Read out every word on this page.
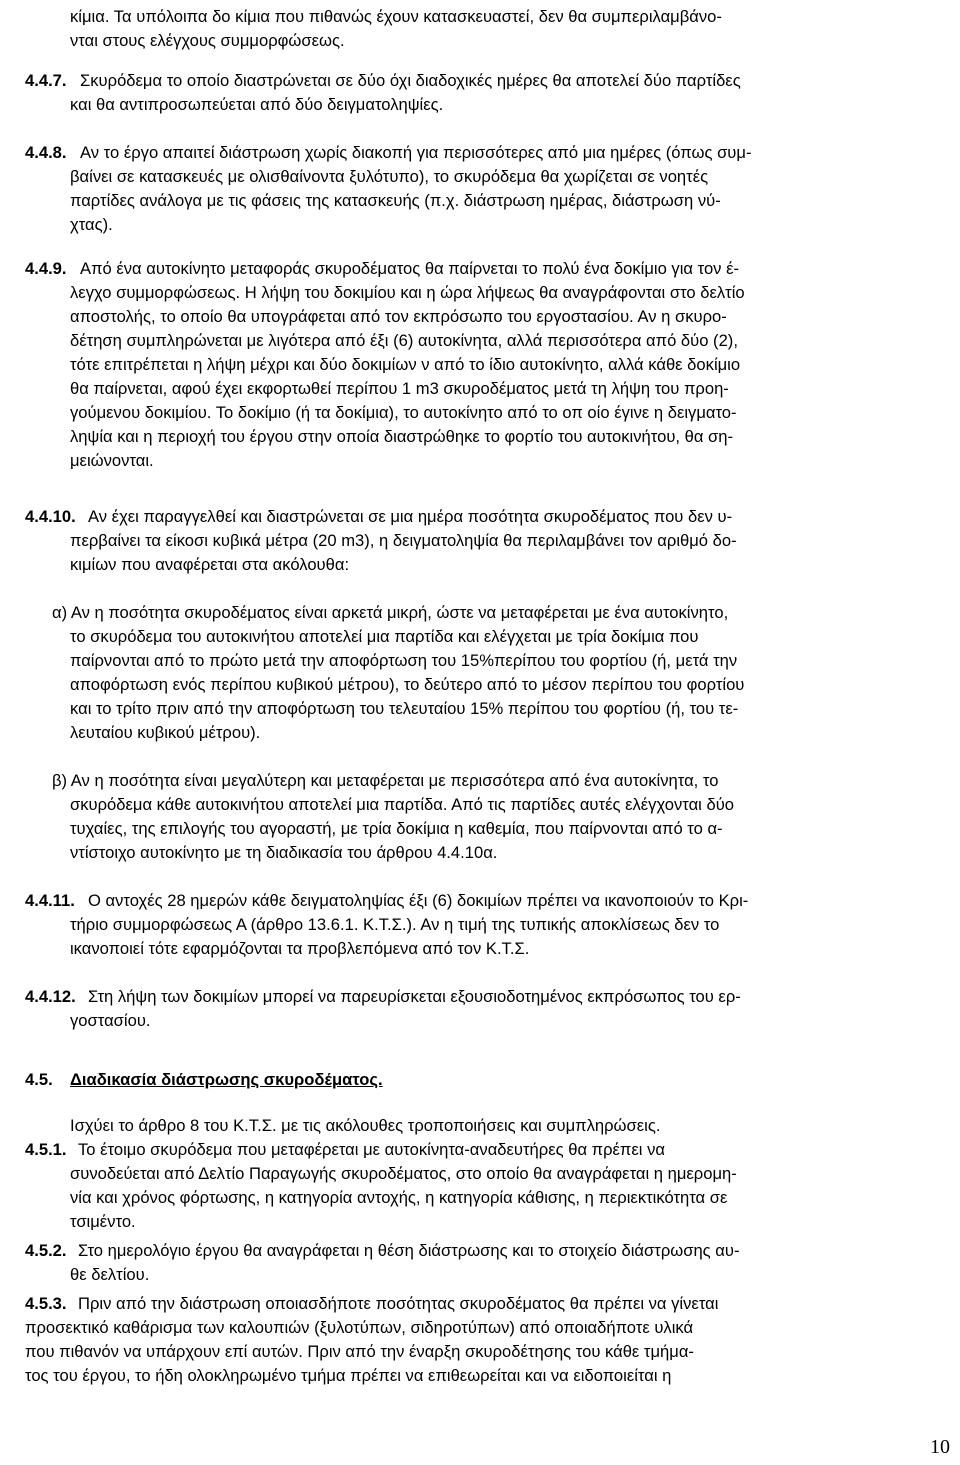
κίμια. Τα υπόλοιπα δο κίμια που πιθανώς έχουν κατασκευαστεί, δεν θα συμπεριλαμβάνο-
νται στους ελέγχους συμμορφώσεως.
4.4.7. Σκυρόδεμα το οποίο διαστρώνεται σε δύο όχι διαδοχικές ημέρες θα αποτελεί δύο παρτίδες
και θα αντιπροσωπεύεται από δύο δειγματοληψίες.
4.4.8. Αν το έργο απαιτεί διάστρωση χωρίς διακοπή για περισσότερες από μια ημέρες (όπως συμ-
βαίνει σε κατασκευές με ολισθαίνοντα ξυλότυπο), το σκυρόδεμα θα χωρίζεται σε νοητές
παρτίδες ανάλογα με τις φάσεις της κατασκευής (π.χ. διάστρωση ημέρας, διάστρωση νύ-
χτας).
4.4.9. Από ένα αυτοκίνητο μεταφοράς σκυροδέματος θα παίρνεται το πολύ ένα δοκίμιο για τον έ-
λεγχο συμμορφώσεως. Η λήψη του δοκιμίου και η ώρα λήψεως θα αναγράφονται στο δελτίο
αποστολής, το οποίο θα υπογράφεται από τον εκπρόσωπο του εργοστασίου. Αν η σκυρο-
δέτηση συμπληρώνεται με λιγότερα από έξι (6) αυτοκίνητα, αλλά περισσότερα από δύο (2),
τότε επιτρέπεται η λήψη μέχρι και δύο δοκιμίων ν από το ίδιο αυτοκίνητο, αλλά κάθε δοκίμιο
θα παίρνεται, αφού έχει εκφορτωθεί περίπου 1 m3 σκυροδέματος μετά τη λήψη του προη-
γούμενου δοκιμίου. Το δοκίμιο (ή τα δοκίμια), το αυτοκίνητο από το οπ οίο έγινε η δειγματο-
ληψία και η περιοχή του έργου στην οποία διαστρώθηκε το φορτίο του αυτοκινήτου, θα ση-
μειώνονται.
4.4.10. Αν έχει παραγγελθεί και διαστρώνεται σε μια ημέρα ποσότητα σκυροδέματος που δεν υ-
περβαίνει τα είκοσι κυβικά μέτρα (20 m3), η δειγματοληψία θα περιλαμβάνει τον αριθμό δο-
κιμίων που αναφέρεται στα ακόλουθα:
α) Αν η ποσότητα σκυροδέματος είναι αρκετά μικρή, ώστε να μεταφέρεται με ένα αυτοκίνητο,
το σκυρόδεμα του αυτοκινήτου αποτελεί μια παρτίδα και ελέγχεται με τρία δοκίμια που
παίρνονται από το πρώτο μετά την αποφόρτωση του 15%περίπου του φορτίου (ή, μετά την
αποφόρτωση ενός περίπου κυβικού μέτρου), το δεύτερο από το μέσον περίπου του φορτίου
και το τρίτο πριν από την αποφόρτωση του τελευταίου 15% περίπου του φορτίου (ή, του τε-
λευταίου κυβικού μέτρου).
β) Αν η ποσότητα είναι μεγαλύτερη και μεταφέρεται με περισσότερα από ένα αυτοκίνητα, το
σκυρόδεμα κάθε αυτοκινήτου αποτελεί μια παρτίδα. Από τις παρτίδες αυτές ελέγχονται δύο
τυχαίες, της επιλογής του αγοραστή, με τρία δοκίμια η καθεμία, που παίρνονται από το α-
ντίστοιχο αυτοκίνητο με τη διαδικασία του άρθρου 4.4.10α.
4.4.11. Ο αντοχές 28 ημερών κάθε δειγματοληψίας έξι (6) δοκιμίων πρέπει να ικανοποιούν το Κρι-
τήριο συμμορφώσεως Α (άρθρο 13.6.1. Κ.Τ.Σ.). Αν η τιμή της τυπικής αποκλίσεως δεν το
ικανοποιεί τότε εφαρμόζονται τα προβλεπόμενα από τον Κ.Τ.Σ.
4.4.12. Στη λήψη των δοκιμίων μπορεί να παρευρίσκεται εξουσιοδοτημένος εκπρόσωπος του ερ-
γοστασίου.
4.5. Διαδικασία διάστρωσης σκυροδέματος.
Ισχύει το άρθρο 8 του Κ.Τ.Σ. με τις ακόλουθες τροποποιήσεις και συμπληρώσεις.
4.5.1. Το έτοιμο σκυρόδεμα που μεταφέρεται με αυτοκίνητα-αναδευτήρες θα πρέπει να
συνοδεύεται από Δελτίο Παραγωγής σκυροδέματος, στο οποίο θα αναγράφεται η ημερομη-
νία και χρόνος φόρτωσης, η κατηγορία αντοχής, η κατηγορία κάθισης, η περιεκτικότητα σε
τσιμέντο.
4.5.2. Στο ημερολόγιο έργου θα αναγράφεται η θέση διάστρωσης και το στοιχείο διάστρωσης αυ-
θε δελτίου.
4.5.3. Πριν από την διάστρωση οποιασδήποτε ποσότητας σκυροδέματος θα πρέπει να γίνεται
προσεκτικό καθάρισμα των καλουπιών (ξυλοτύπων, σιδηροτύπων) από οποιαδήποτε υλικά
που πιθανόν να υπάρχουν επί αυτών. Πριν από την έναρξη σκυροδέτησης του κάθε τμήμα-
τος του έργου, το ήδη ολοκληρωμένο τμήμα πρέπει να επιθεωρείται και να ειδοποιείται η
10
